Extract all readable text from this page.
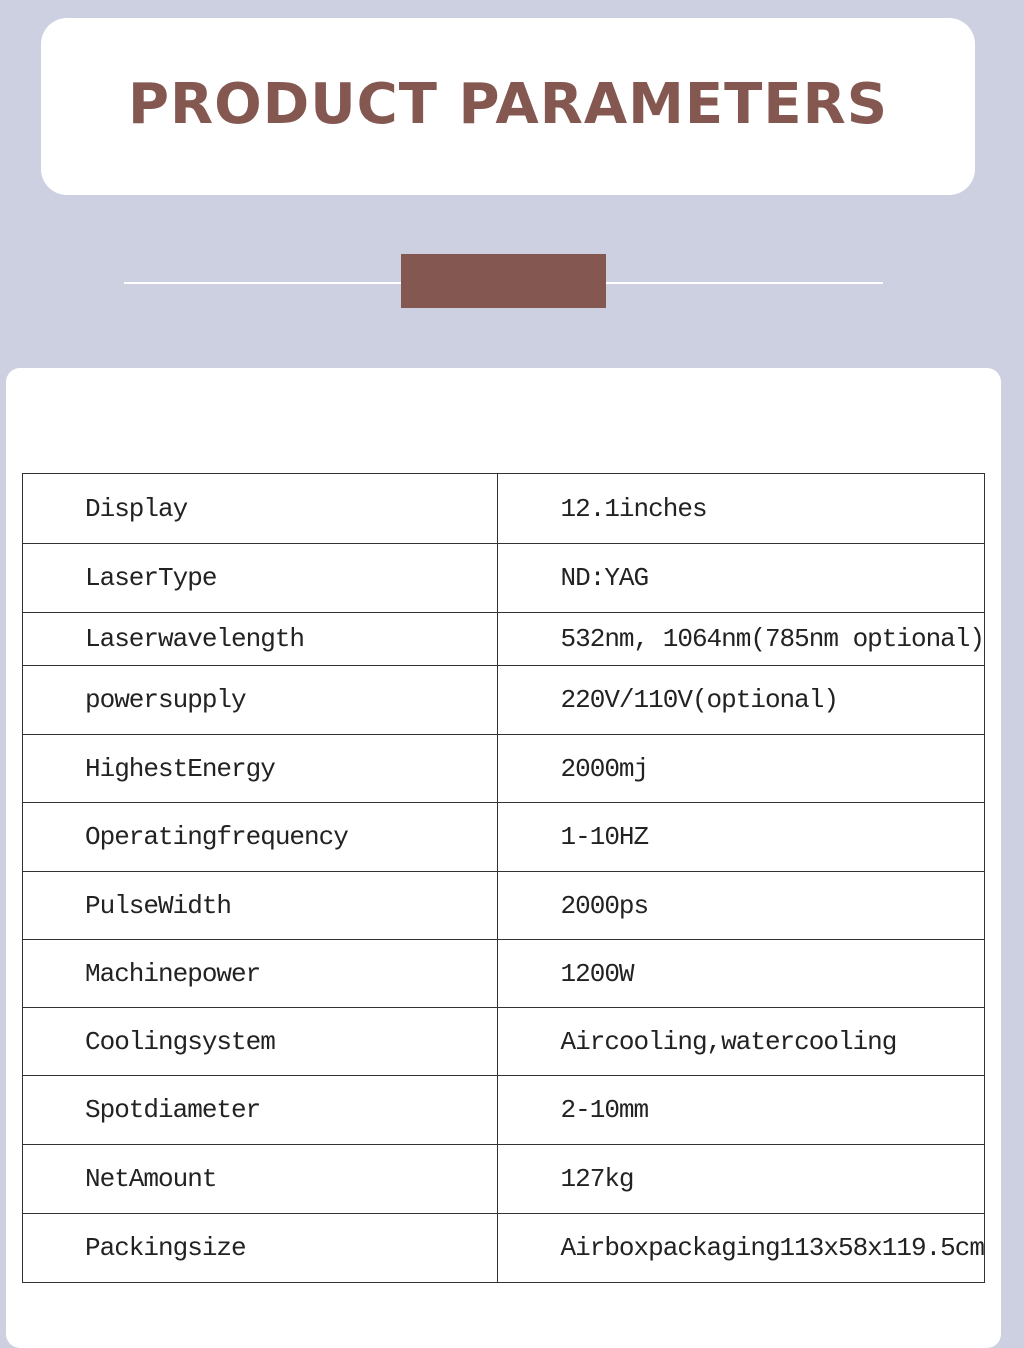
PRODUCT PARAMETERS
Display	12.1inches
LaserType	ND:YAG
Laserwavelength	532nm, 1064nm(785nm optional)
powersupply	220V/110V(optional)
HighestEnergy	2000mj
Operatingfrequency	1-10HZ
PulseWidth	2000ps
Machinepower	1200W
Coolingsystem	Aircooling,watercooling
Spotdiameter	2-10mm
NetAmount	127kg
Packingsize	Airboxpackaging113x58x119.5cm
